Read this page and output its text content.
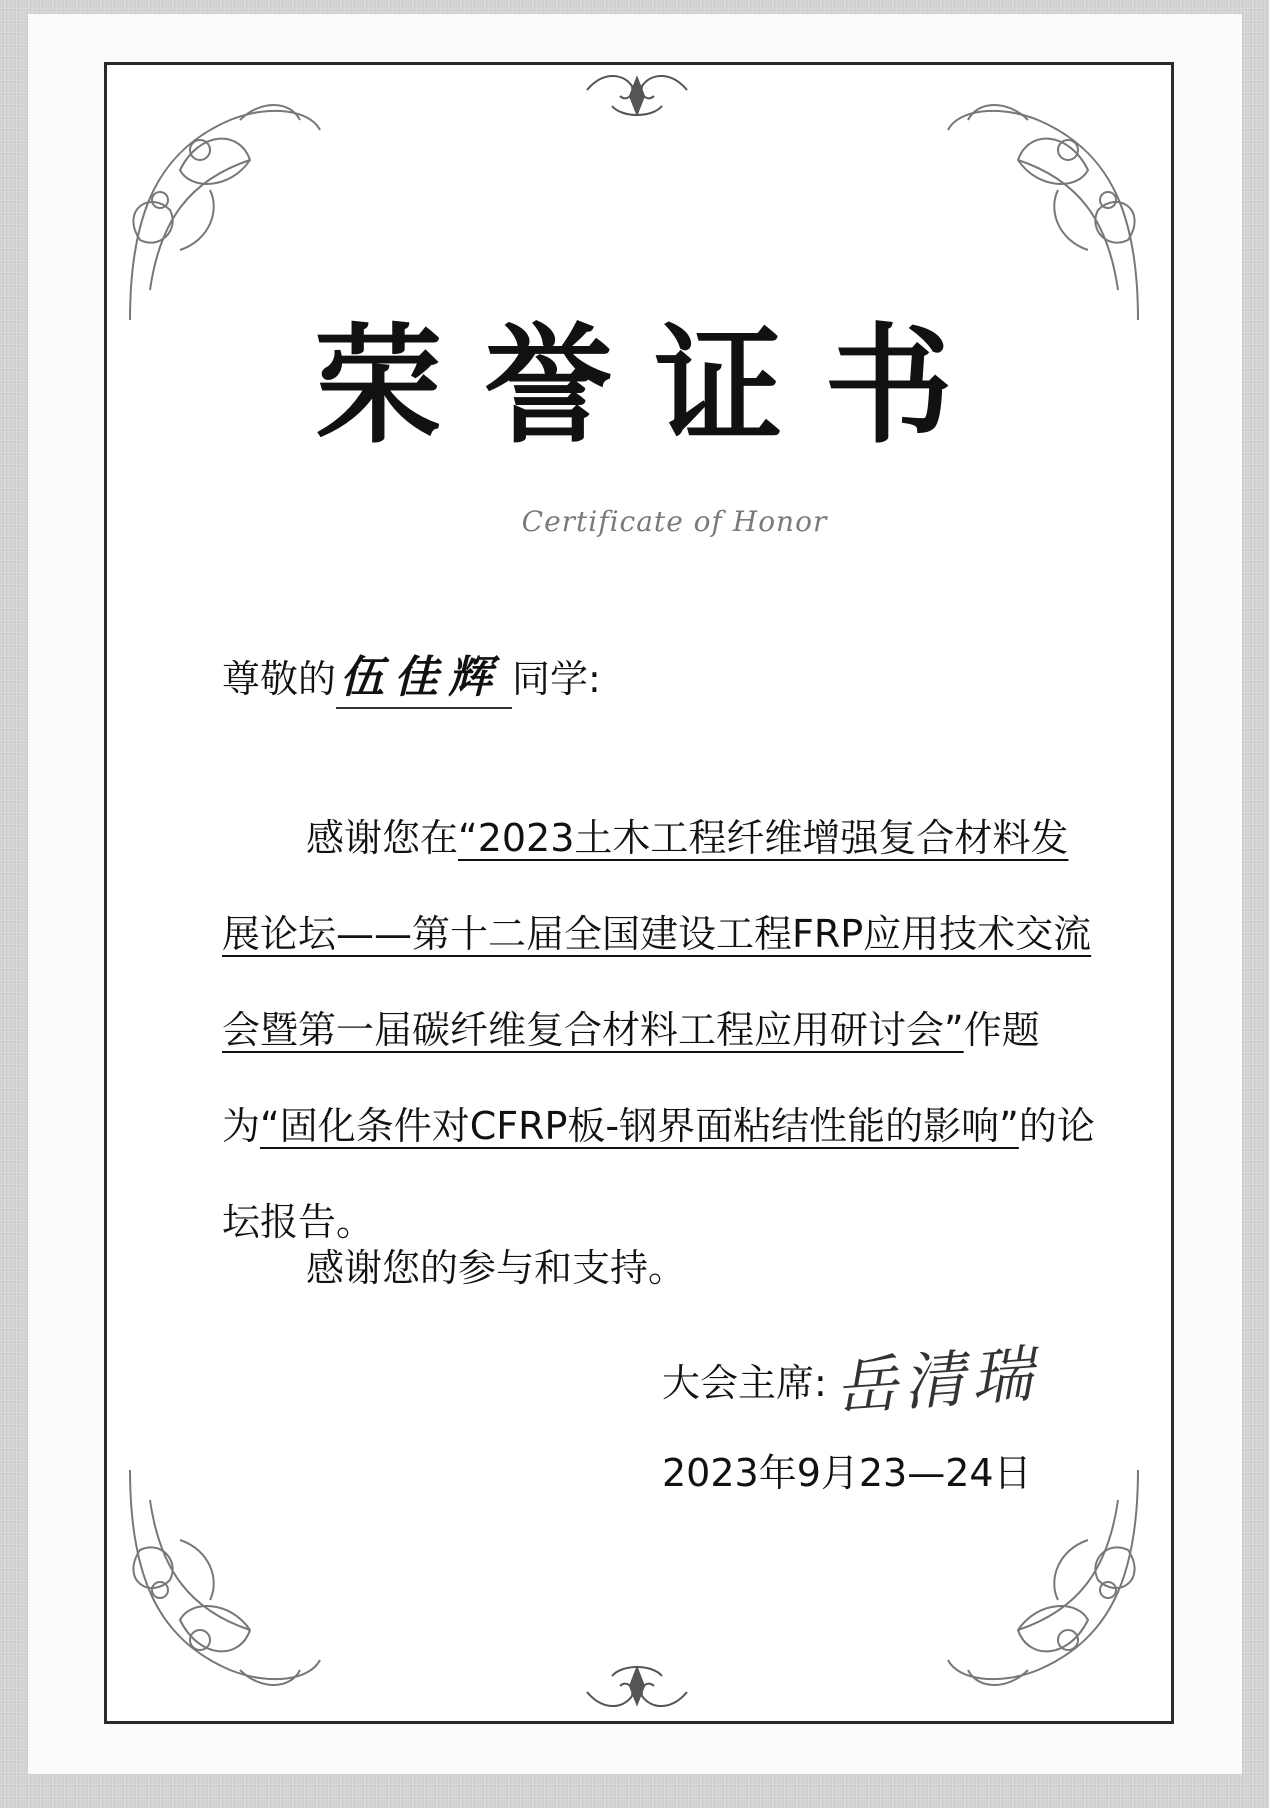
荣誉证书
Certificate of Honor
尊敬的伍佳辉 同学:
感谢您在“2023土木工程纤维增强复合材料发展论坛——第十二届全国建设工程FRP应用技术交流会暨第一届碳纤维复合材料工程应用研讨会”作题为“固化条件对CFRP板-钢界面粘结性能的影响”的论坛报告。
感谢您的参与和支持。
大会主席:岳清瑞
2023年9月23—24日
